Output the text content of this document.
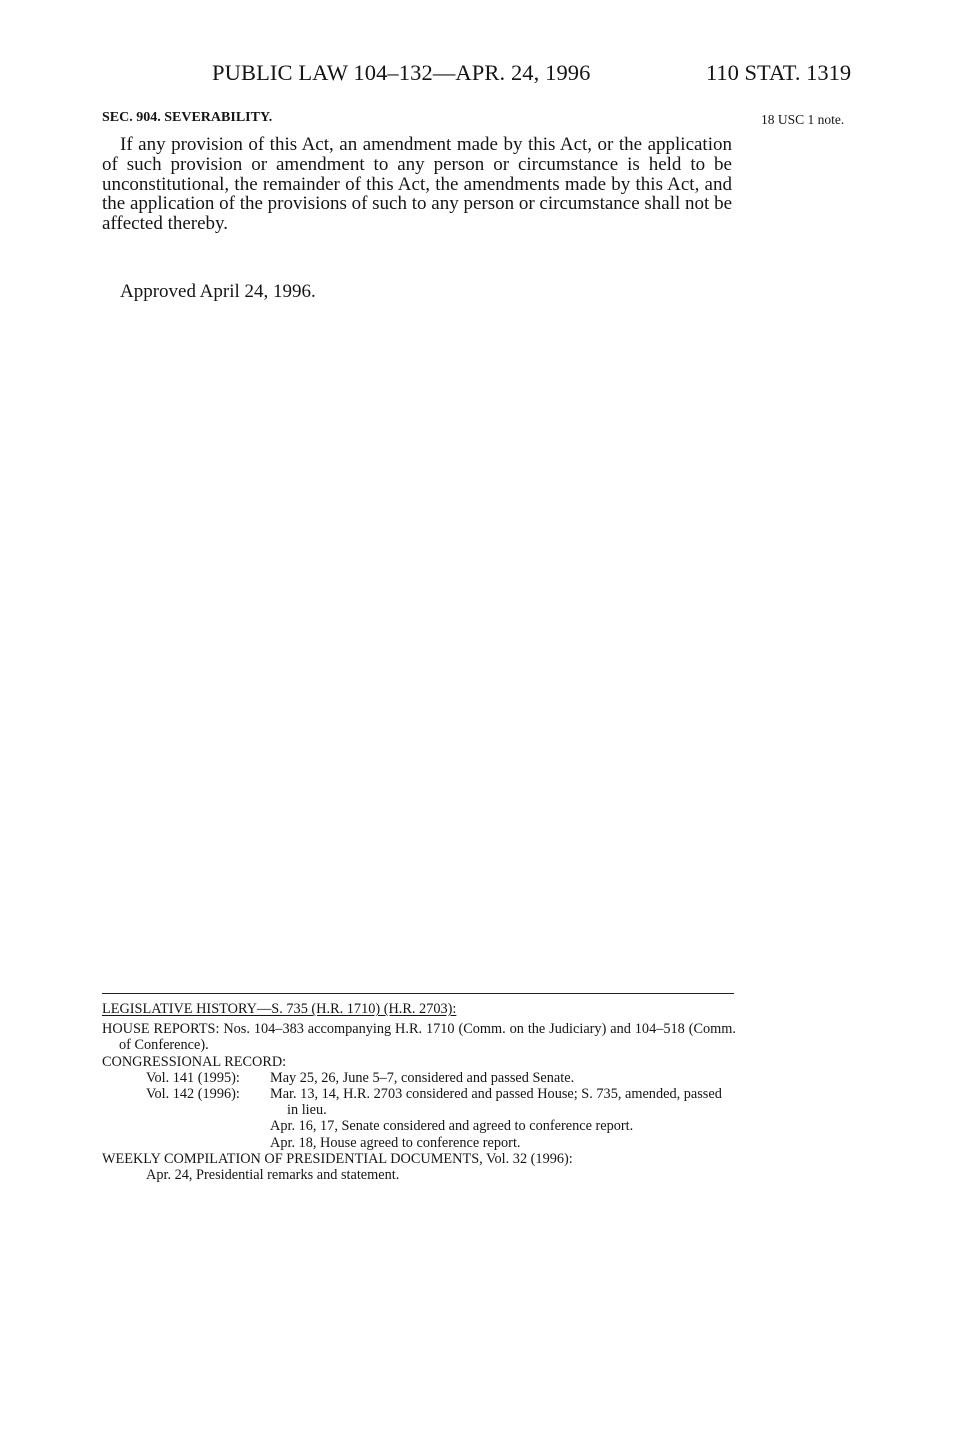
PUBLIC LAW 104–132—APR. 24, 1996	110 STAT. 1319
SEC. 904. SEVERABILITY.	18 USC 1 note.

If any provision of this Act, an amendment made by this Act, or the application of such provision or amendment to any person or circumstance is held to be unconstitutional, the remainder of this Act, the amendments made by this Act, and the application of the provisions of such to any person or circumstance shall not be affected thereby.

Approved April 24, 1996.
LEGISLATIVE HISTORY—S. 735 (H.R. 1710) (H.R. 2703):
HOUSE REPORTS: Nos. 104–383 accompanying H.R. 1710 (Comm. on the Judiciary) and 104–518 (Comm. of Conference).
CONGRESSIONAL RECORD:
Vol. 141 (1995):	May 25, 26, June 5–7, considered and passed Senate.
Vol. 142 (1996):	Mar. 13, 14, H.R. 2703 considered and passed House; S. 735, amended, passed in lieu.
Apr. 16, 17, Senate considered and agreed to conference report.
Apr. 18, House agreed to conference report.
WEEKLY COMPILATION OF PRESIDENTIAL DOCUMENTS, Vol. 32 (1996):
Apr. 24, Presidential remarks and statement.
